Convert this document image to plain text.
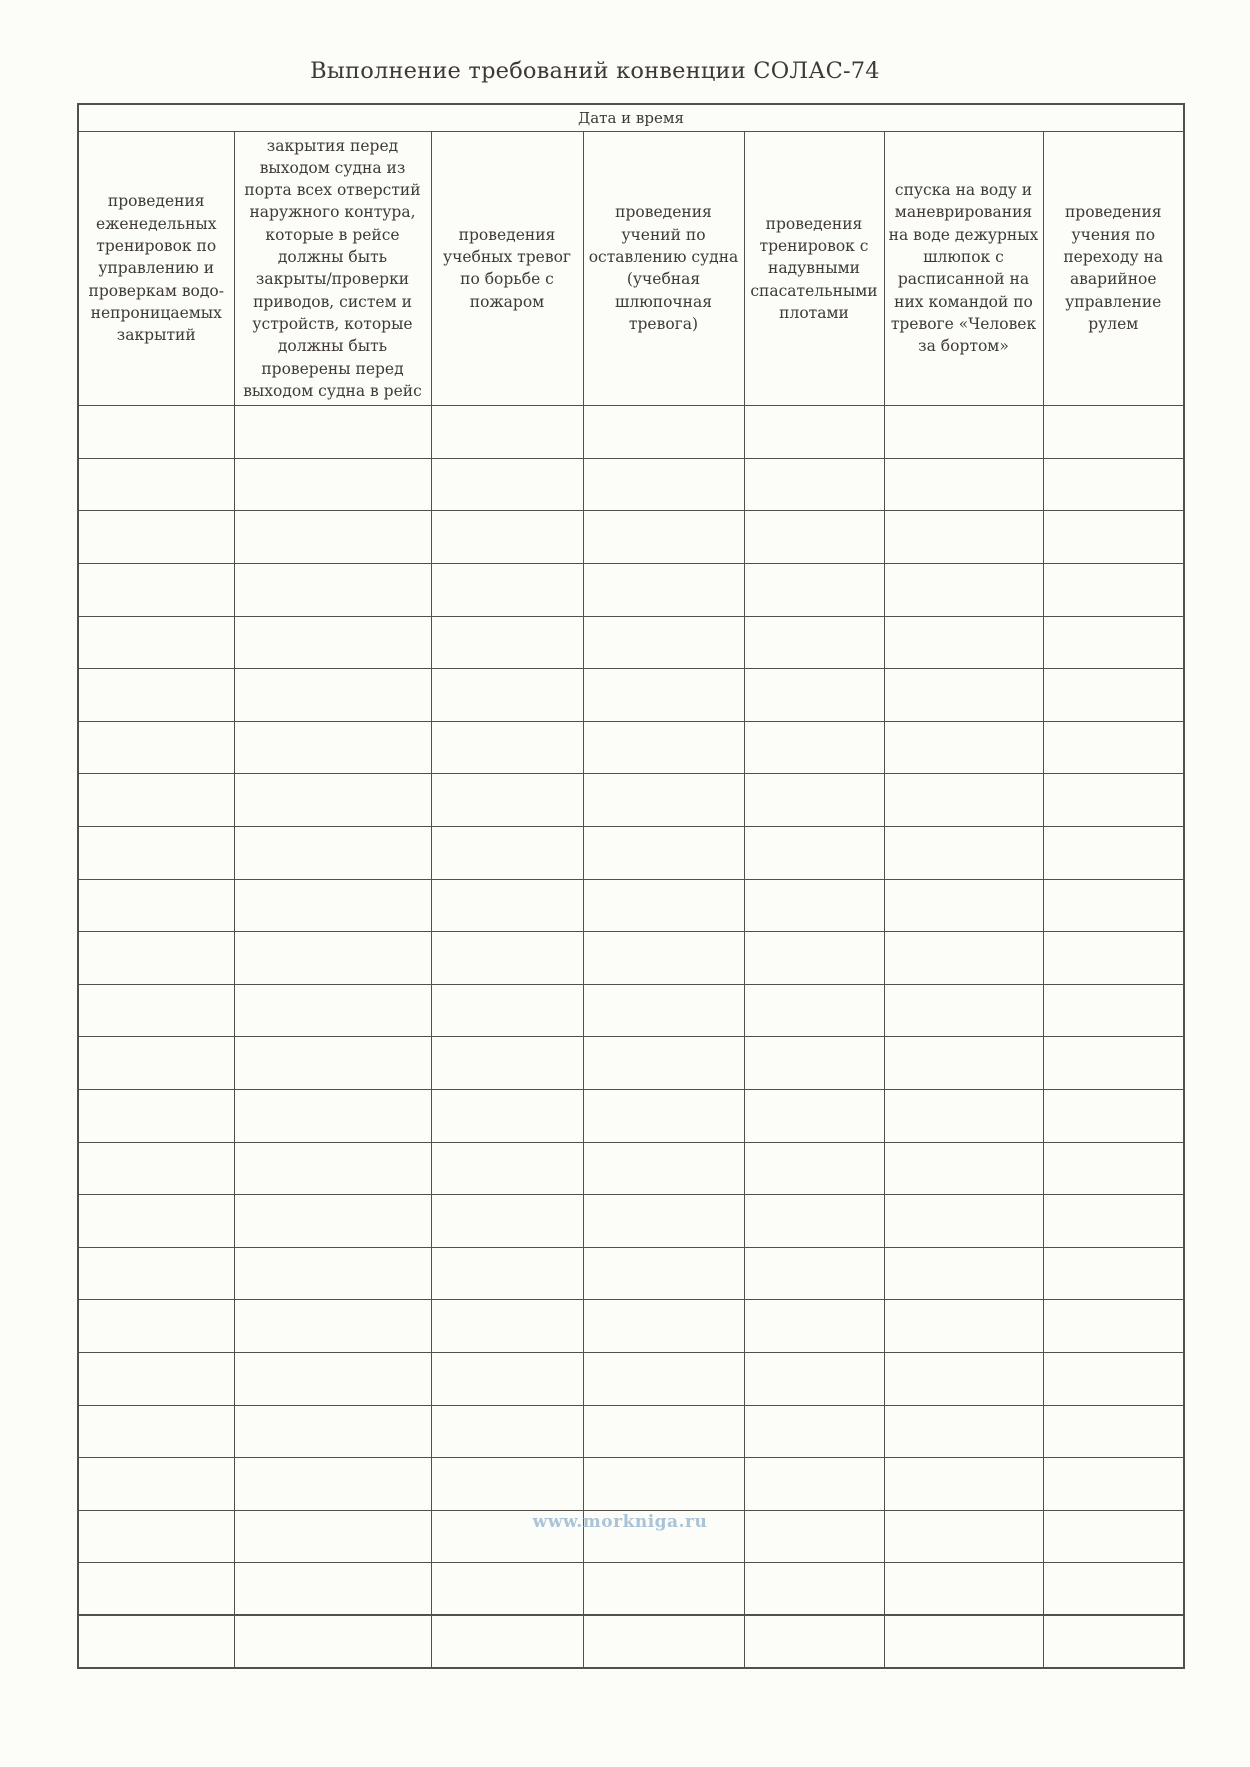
Выполнение требований конвенции СОЛАС-74
Дата и время						
проведения еженедельных тренировок по управлению и проверкам водо-непроницаемых закрытий	закрытия перед выходом судна из порта всех отверстий наружного контура, которые в рейсе должны быть закрыты/проверки приводов, систем и устройств, которые должны быть проверены перед выходом судна в рейс	проведения учебных тревог по борьбе с пожаром	проведения учений по оставлению судна (учебная шлюпочная тревога)	проведения тренировок с надувными спасательными плотами	спуска на воду и маневрирования на воде дежурных шлюпок с расписанной на них командой по тревоге «Человек за бортом»	проведения учения по переходу на аварийное управление рулем

www.morkniga.ru
